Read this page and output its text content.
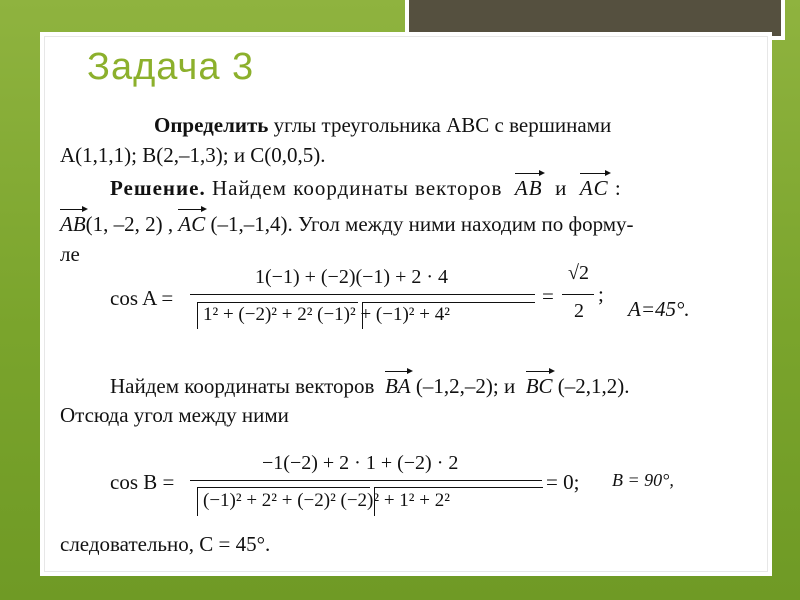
Задача 3
Определить углы треугольника ABC с вершинами
A(1,1,1); B(2,–1,3); и C(0,0,5).
Решение. Найдем координаты векторов AB и AC :
AB(1, –2, 2) , AC (–1,–1,4). Угол между ними находим по форму-
ле
cos A =
1(−1) + (−2)(−1) + 2 · 4
1² + (−2)² + 2² (−1)² + (−1)² + 4²
=
√2
2
;
A=45°.
Найдем координаты векторов BA (–1,2,–2); и BC (–2,1,2).
Отсюда угол между ними
cos B =
−1(−2) + 2 · 1 + (−2) · 2
(−1)² + 2² + (−2)² (−2)² + 1² + 2²
= 0; B = 90°,
следовательно, C = 45°.
